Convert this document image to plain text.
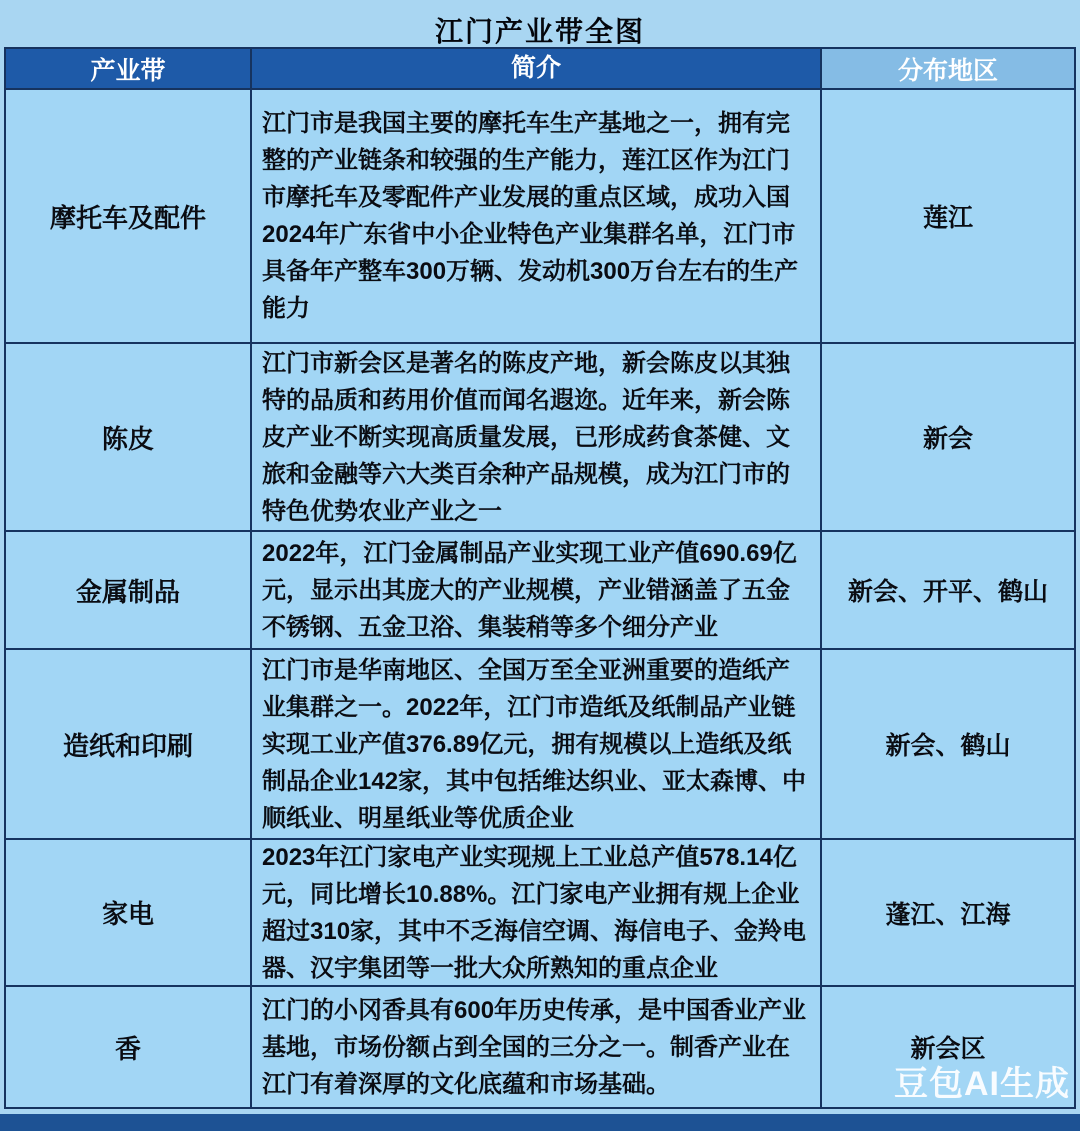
江门产业带全图
产业带	简介	分布地区
摩托车及配件
江门市是我国主要的摩托车生产基地之一，拥有完整的产业链条和较强的生产能力，莲江区作为江门市摩托车及零配件产业发展的重点区域，成功入国2024年广东省中小企业特色产业集群名单，江门市具备年产整车300万辆、发动机300万台左右的生产能力
莲江
陈皮
江门市新会区是著名的陈皮产地，新会陈皮以其独特的品质和药用价值而闻名遐迩。近年来，新会陈皮产业不断实现高质量发展，已形成药食茶健、文旅和金融等六大类百余种产品规模，成为江门市的特色优势农业产业之一
新会
金属制品
2022年，江门金属制品产业实现工业产值690.69亿元，显示出其庞大的产业规模，产业错涵盖了五金不锈钢、五金卫浴、集装稍等多个细分产业
新会、开平、鹤山
造纸和印刷
江门市是华南地区、全国万至全亚洲重要的造纸产业集群之一。2022年，江门市造纸及纸制品产业链实现工业产值376.89亿元，拥有规模以上造纸及纸制品企业142家，其中包括维达织业、亚太森博、中顺纸业、明星纸业等优质企业
新会、鹤山
家电
2023年江门家电产业实现规上工业总产值578.14亿元，同比增长10.88%。江门家电产业拥有规上企业超过310家，其中不乏海信空调、海信电子、金羚电器、汉宇集团等一批大众所熟知的重点企业
蓬江、江海
香
江门的小冈香具有600年历史传承，是中国香业产业基地，市场份额占到全国的三分之一。制香产业在江门有着深厚的文化底蕴和市场基础。
新会区
豆包AI生成
